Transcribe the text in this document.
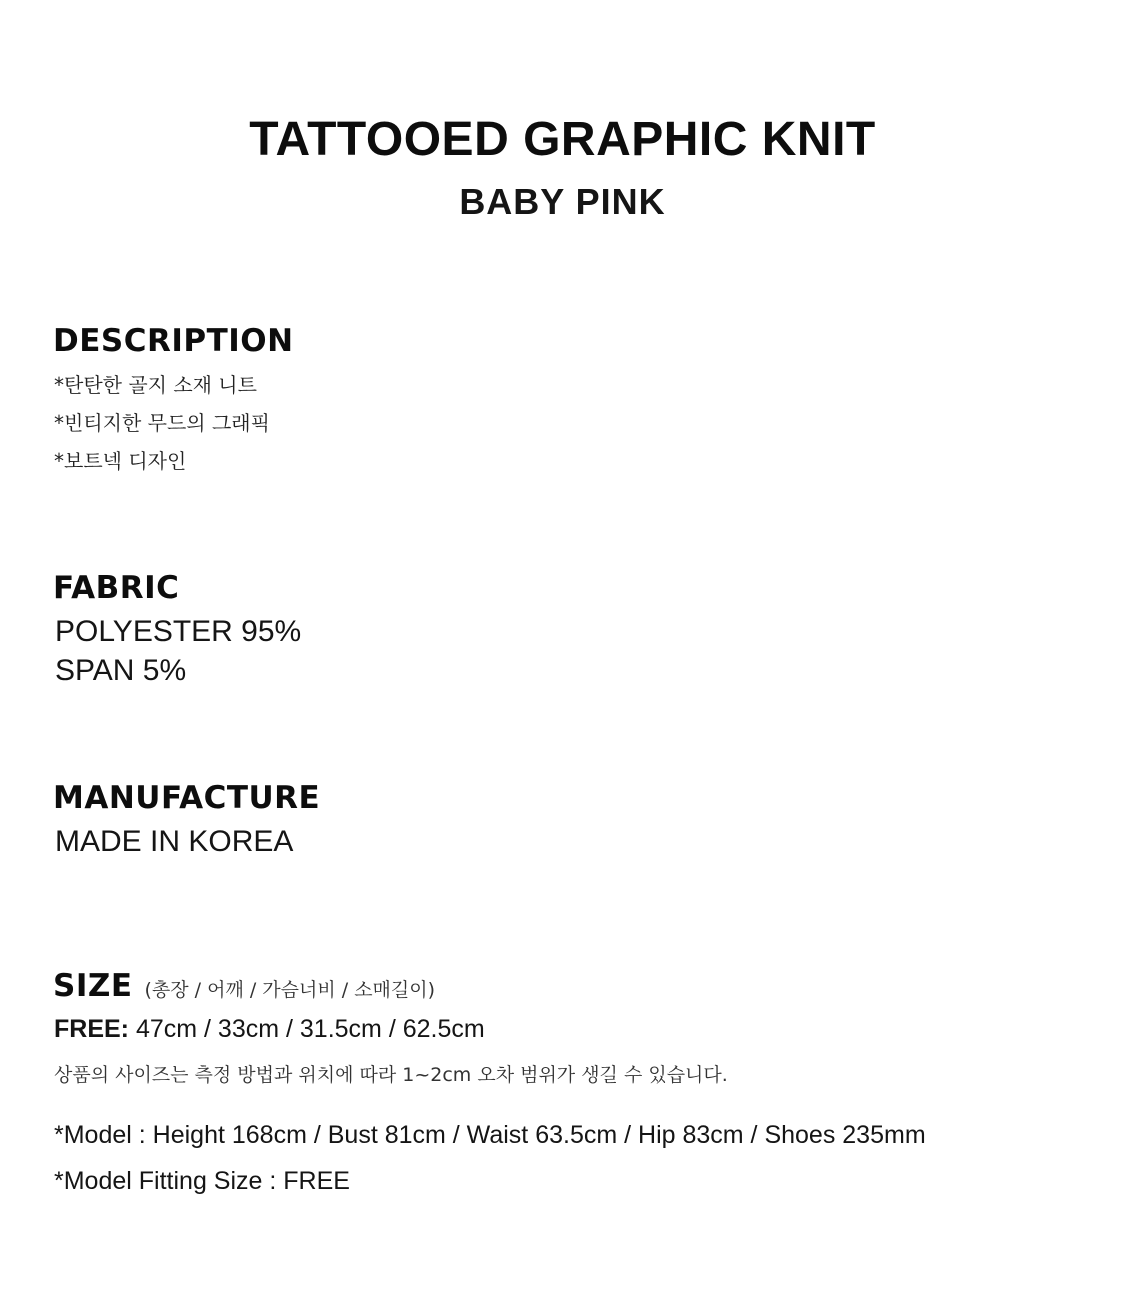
TATTOOED GRAPHIC KNIT
BABY PINK
DESCRIPTION
*탄탄한 골지 소재 니트
*빈티지한 무드의 그래픽
*보트넥 디자인
FABRIC
POLYESTER 95%
SPAN 5%
MANUFACTURE
MADE IN KOREA
SIZE (총장 / 어깨 / 가슴너비 / 소매길이)
FREE: 47cm / 33cm / 31.5cm / 62.5cm
상품의 사이즈는 측정 방법과 위치에 따라 1~2cm 오차 범위가 생길 수 있습니다.
*Model : Height 168cm / Bust 81cm / Waist 63.5cm / Hip 83cm / Shoes 235mm
*Model Fitting Size : FREE
